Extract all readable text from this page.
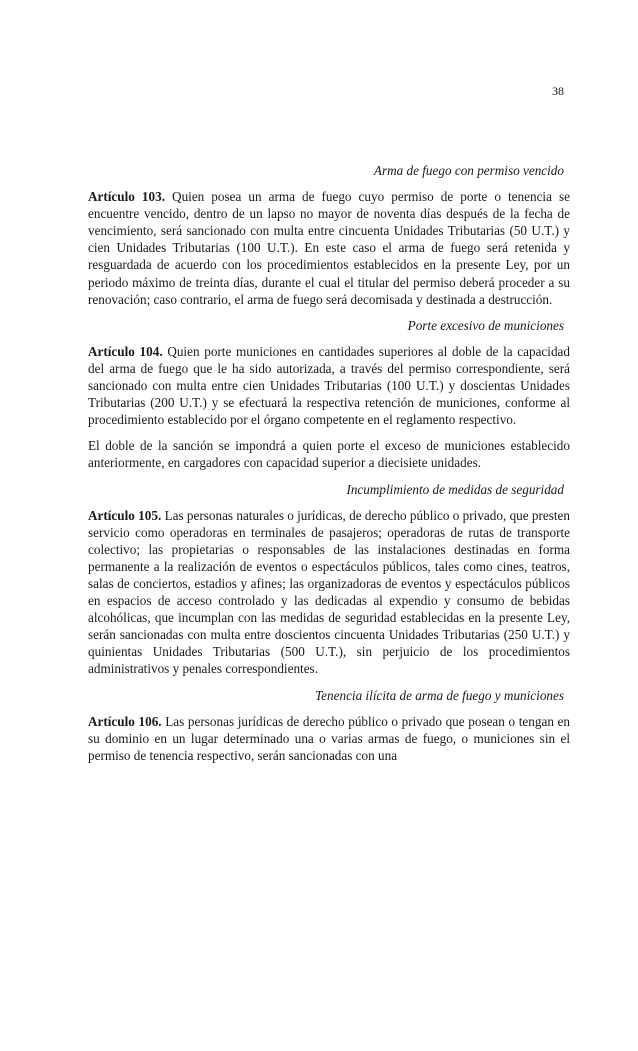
38
Arma de fuego con permiso vencido

Artículo 103. Quien posea un arma de fuego cuyo permiso de porte o tenencia se encuentre vencido, dentro de un lapso no mayor de noventa días después de la fecha de vencimiento, será sancionado con multa entre cincuenta Unidades Tributarias (50 U.T.) y cien Unidades Tributarias (100 U.T.). En este caso el arma de fuego será retenida y resguardada de acuerdo con los procedimientos establecidos en la presente Ley, por un periodo máximo de treinta días, durante el cual el titular del permiso deberá proceder a su renovación; caso contrario, el arma de fuego será decomisada y destinada a destrucción.

Porte excesivo de municiones

Artículo 104. Quien porte municiones en cantidades superiores al doble de la capacidad del arma de fuego que le ha sido autorizada, a través del permiso correspondiente, será sancionado con multa entre cien Unidades Tributarias (100 U.T.) y doscientas Unidades Tributarias (200 U.T.) y se efectuará la respectiva retención de municiones, conforme al procedimiento establecido por el órgano competente en el reglamento respectivo.

El doble de la sanción se impondrá a quien porte el exceso de municiones establecido anteriormente, en cargadores con capacidad superior a diecisiete unidades.

Incumplimiento de medidas de seguridad

Artículo 105. Las personas naturales o jurídicas, de derecho público o privado, que presten servicio como operadoras en terminales de pasajeros; operadoras de rutas de transporte colectivo; las propietarias o responsables de las instalaciones destinadas en forma permanente a la realización de eventos o espectáculos públicos, tales como cines, teatros, salas de conciertos, estadios y afines; las organizadoras de eventos y espectáculos públicos en espacios de acceso controlado y las dedicadas al expendio y consumo de bebidas alcohólicas, que incumplan con las medidas de seguridad establecidas en la presente Ley, serán sancionadas con multa entre doscientos cincuenta Unidades Tributarias (250 U.T.) y quinientas Unidades Tributarias (500 U.T.), sin perjuicio de los procedimientos administrativos y penales correspondientes.

Tenencia ilícita de arma de fuego y municiones

Artículo 106. Las personas jurídicas de derecho público o privado que posean o tengan en su dominio en un lugar determinado una o varias armas de fuego, o municiones sin el permiso de tenencia respectivo, serán sancionadas con una
